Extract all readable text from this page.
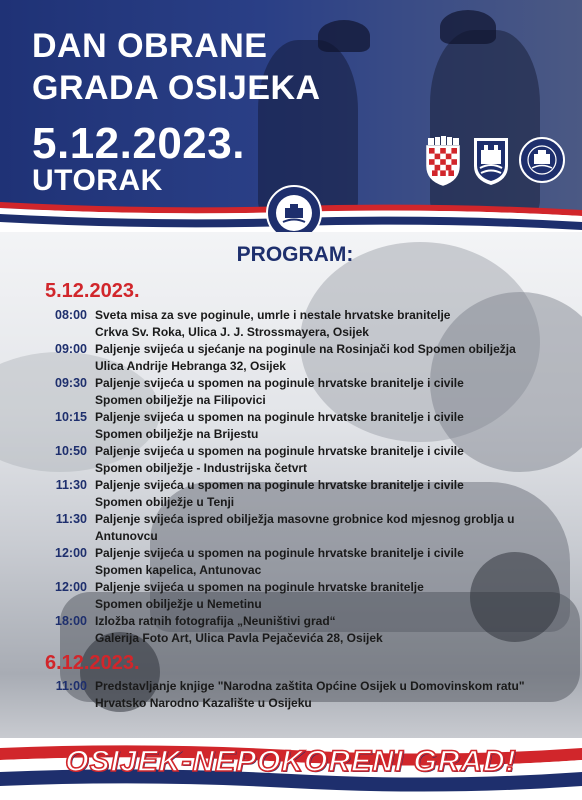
DAN OBRANE
GRADA OSIJEKA
5.12.2023.
UTORAK
PROGRAM:
5.12.2023.
08:00 Sveta misa za sve poginule, umrle i nestale hrvatske branitelje
Crkva Sv. Roka, Ulica J. J. Strossmayera, Osijek
09:00 Paljenje svijeća u sjećanje na poginule na Rosinjači kod Spomen obilježja
Ulica Andrije Hebranga 32, Osijek
09:30 Paljenje svijeća u spomen na poginule hrvatske branitelje i civile
Spomen obilježje na Filipovici
10:15 Paljenje svijeća u spomen na poginule hrvatske branitelje i civile
Spomen obilježje na Brijestu
10:50 Paljenje svijeća u spomen na poginule hrvatske branitelje i civile
Spomen obilježje - Industrijska četvrt
11:30 Paljenje svijeća u spomen na poginule hrvatske branitelje i civile
Spomen obilježje u Tenji
11:30 Paljenje svijeća ispred obilježja masovne grobnice kod mjesnog groblja u
Antunovcu
12:00 Paljenje svijeća u spomen na poginule hrvatske branitelje i civile
Spomen kapelica, Antunovac
12:00 Paljenje svijeća u spomen na poginule hrvatske branitelje
Spomen obilježje u Nemetinu
18:00 Izložba ratnih fotografija „Neuništivi grad“
Galerija Foto Art, Ulica Pavla Pejačevića 28, Osijek
6.12.2023.
11:00 Predstavljanje knjige "Narodna zaštita Općine Osijek u Domovinskom ratu"
Hrvatsko Narodno Kazalište u Osijeku
OSIJEK-NEPOKORENI GRAD!
